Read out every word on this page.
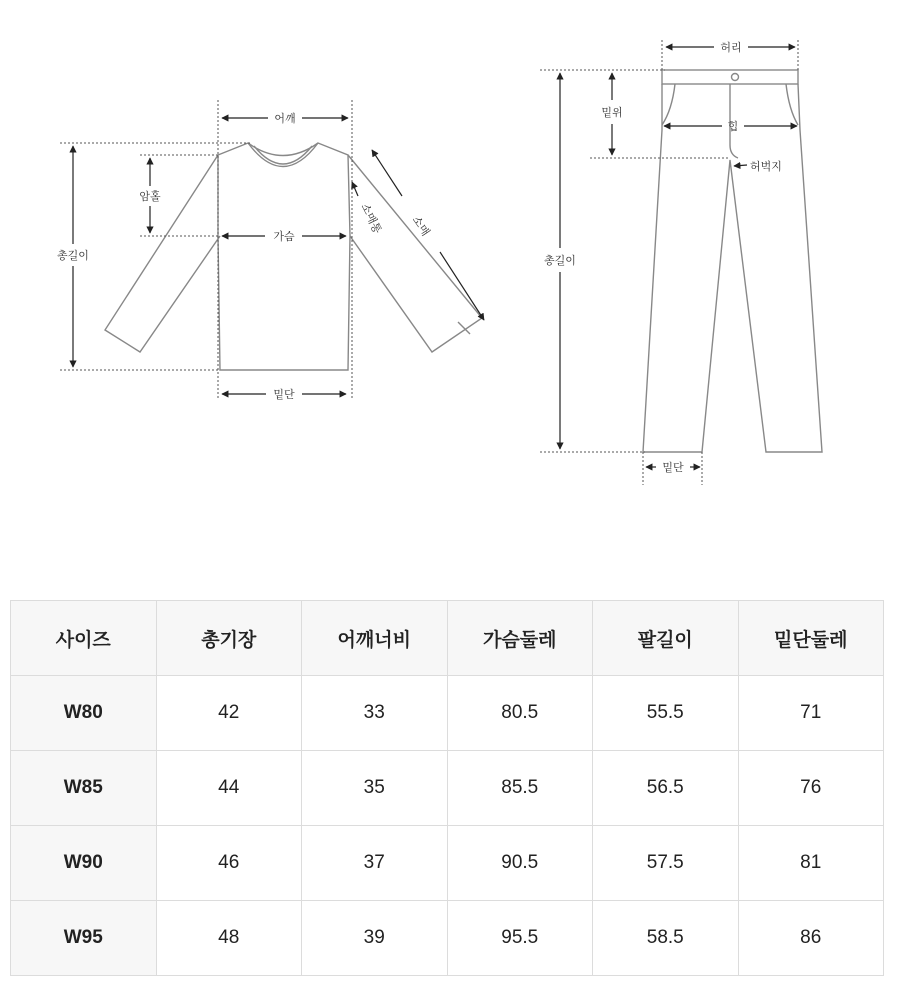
어깨
암홀
가슴
총길이
밑단
소매
소매통
허리
밑위
힙
허벅지
총길이
밑단
사이즈	총기장	어깨너비	가슴둘레	팔길이	밑단둘레
W80	42	33	80.5	55.5	71
W85	44	35	85.5	56.5	76
W90	46	37	90.5	57.5	81
W95	48	39	95.5	58.5	86
